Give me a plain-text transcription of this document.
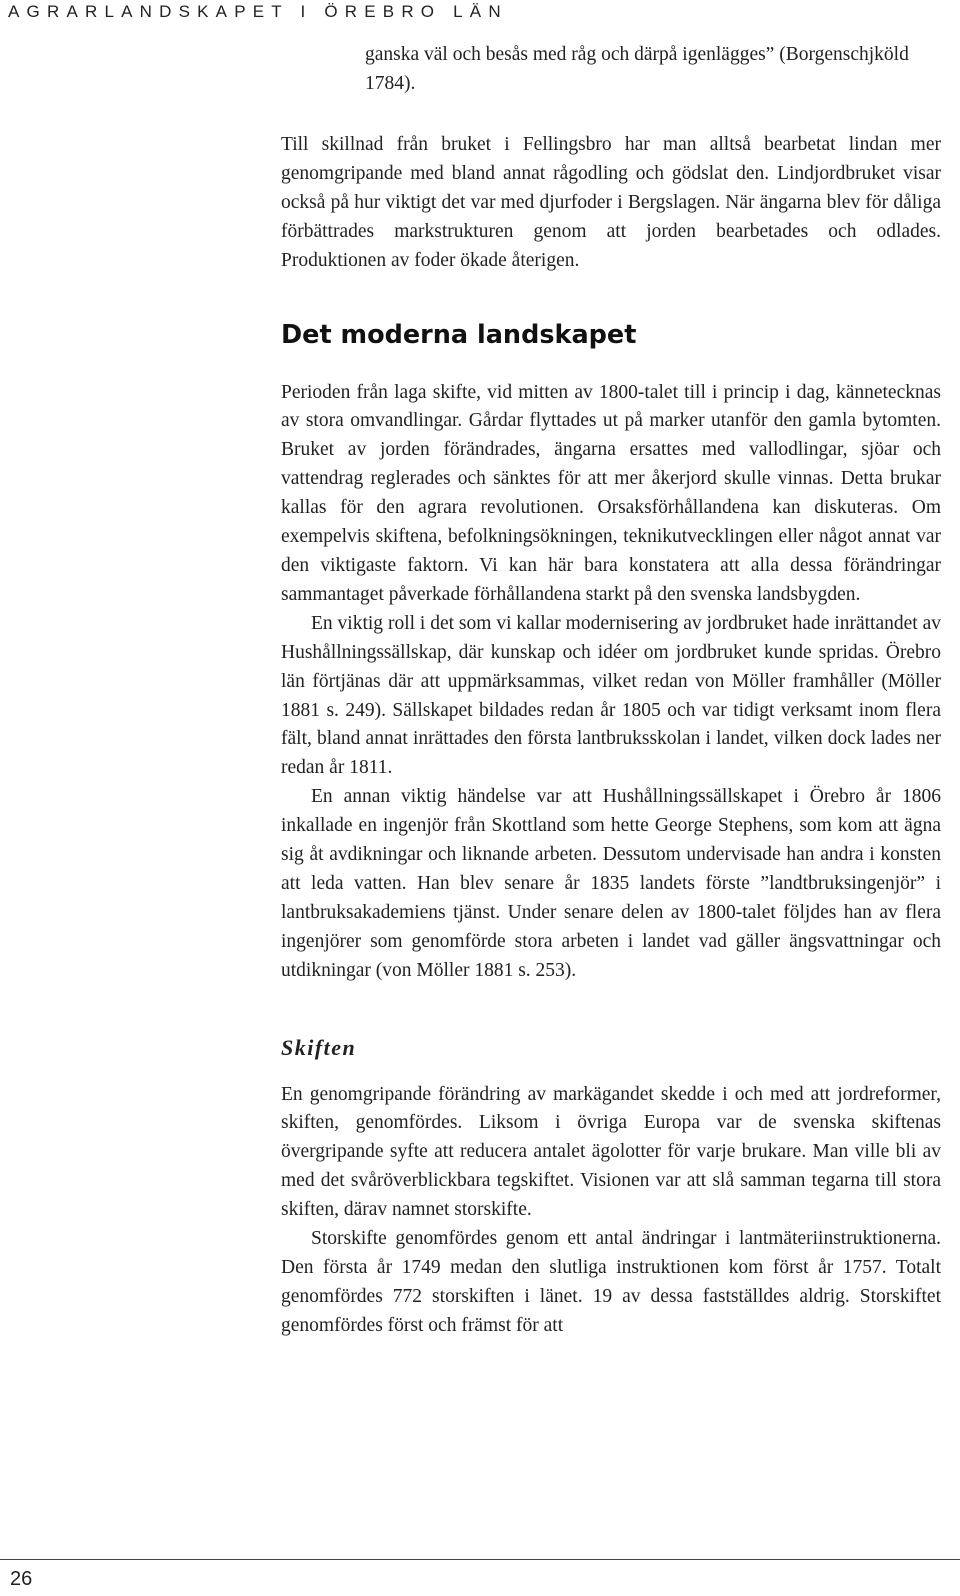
AGRARLANDSKAPET I ÖREBRO LÄN

ganska väl och besås med råg och därpå igenlägges” (Borgenschjköld 1784).

Till skillnad från bruket i Fellingsbro har man alltså bearbetat lindan mer genomgripande med bland annat rågodling och gödslat den. Lindjordbruket visar också på hur viktigt det var med djurfoder i Bergslagen. När ängarna blev för dåliga förbättrades markstrukturen genom att jorden bearbetades och odlades. Produktionen av foder ökade återigen.

Det moderna landskapet

Perioden från laga skifte, vid mitten av 1800-talet till i princip i dag, kännetecknas av stora omvandlingar. Gårdar flyttades ut på marker utanför den gamla bytomten. Bruket av jorden förändrades, ängarna ersattes med vallodlingar, sjöar och vattendrag reglerades och sänktes för att mer åkerjord skulle vinnas. Detta brukar kallas för den agrara revolutionen. Orsaksförhållandena kan diskuteras. Om exempelvis skiftena, befolkningsökningen, teknikutvecklingen eller något annat var den viktigaste faktorn. Vi kan här bara konstatera att alla dessa förändringar sammantaget påverkade förhållandena starkt på den svenska landsbygden.

En viktig roll i det som vi kallar modernisering av jordbruket hade inrättandet av Hushållningssällskap, där kunskap och idéer om jordbruket kunde spridas. Örebro län förtjänas där att uppmärksammas, vilket redan von Möller framhåller (Möller 1881 s. 249). Sällskapet bildades redan år 1805 och var tidigt verksamt inom flera fält, bland annat inrättades den första lantbruksskolan i landet, vilken dock lades ner redan år 1811.

En annan viktig händelse var att Hushållningssällskapet i Örebro år 1806 inkallade en ingenjör från Skottland som hette George Stephens, som kom att ägna sig åt avdikningar och liknande arbeten. Dessutom undervisade han andra i konsten att leda vatten. Han blev senare år 1835 landets förste ”landtbruksingenjör” i lantbruksakademiens tjänst. Under senare delen av 1800-talet följdes han av flera ingenjörer som genomförde stora arbeten i landet vad gäller ängsvattningar och utdikningar (von Möller 1881 s. 253).

Skiften

En genomgripande förändring av markägandet skedde i och med att jordreformer, skiften, genomfördes. Liksom i övriga Europa var de svenska skiftenas övergripande syfte att reducera antalet ägolotter för varje brukare. Man ville bli av med det svåröverblickbara tegskiftet. Visionen var att slå samman tegarna till stora skiften, därav namnet storskifte.

Storskifte genomfördes genom ett antal ändringar i lantmäteriinstruktionerna. Den första år 1749 medan den slutliga instruktionen kom först år 1757. Totalt genomfördes 772 storskiften i länet. 19 av dessa fastställdes aldrig. Storskiftet genomfördes först och främst för att

26
